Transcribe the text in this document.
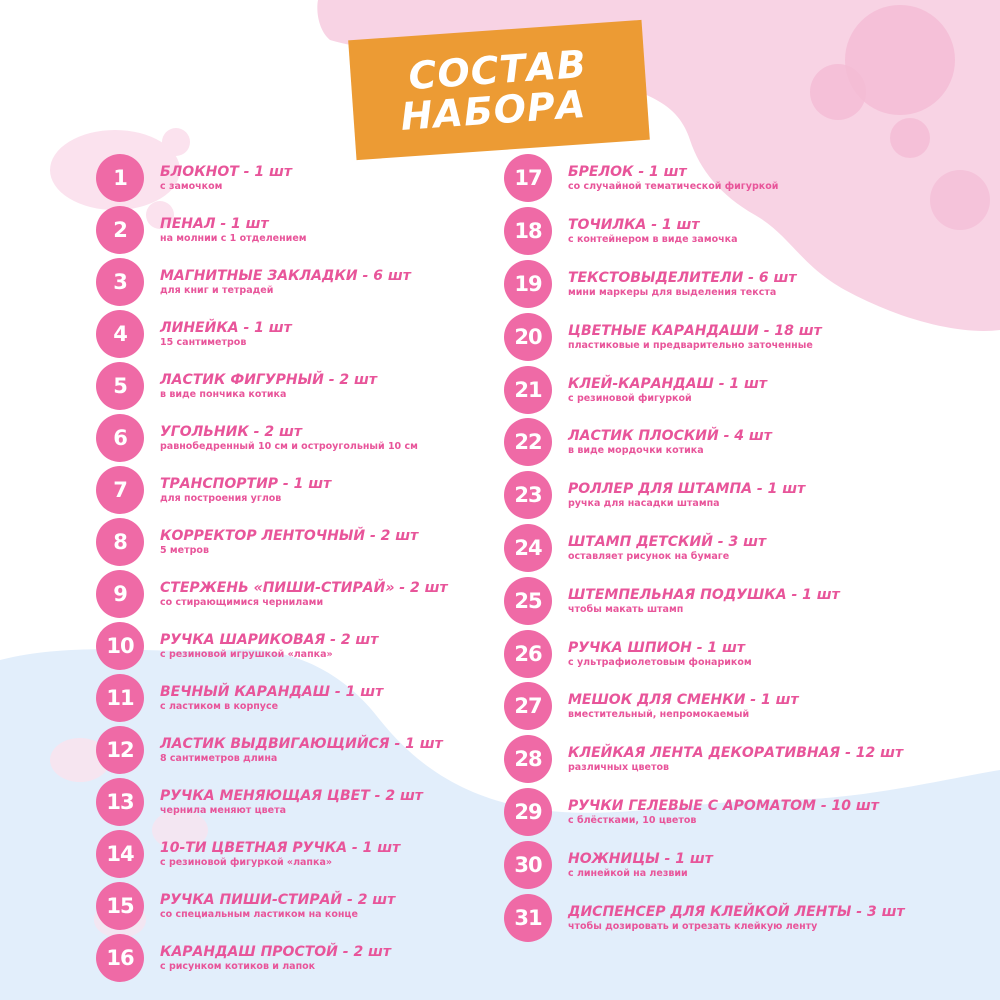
СОСТАВ
НАБОРА
1 БЛОКНОТ - 1 шт
с замочком
2 ПЕНАЛ - 1 шт
на молнии с 1 отделением
3 МАГНИТНЫЕ ЗАКЛАДКИ - 6 шт
для книг и тетрадей
4 ЛИНЕЙКА - 1 шт
15 сантиметров
5 ЛАСТИК ФИГУРНЫЙ - 2 шт
в виде пончика котика
6 УГОЛЬНИК - 2 шт
равнобедренный 10 см и остроугольный 10 см
7 ТРАНСПОРТИР - 1 шт
для построения углов
8 КОРРЕКТОР ЛЕНТОЧНЫЙ - 2 шт
5 метров
9 СТЕРЖЕНЬ «ПИШИ-СТИРАЙ» - 2 шт
со стирающимися чернилами
10 РУЧКА ШАРИКОВАЯ - 2 шт
с резиновой игрушкой «лапка»
11 ВЕЧНЫЙ КАРАНДАШ - 1 шт
с ластиком в корпусе
12 ЛАСТИК ВЫДВИГАЮЩИЙСЯ - 1 шт
8 сантиметров длина
13 РУЧКА МЕНЯЮЩАЯ ЦВЕТ - 2 шт
чернила меняют цвета
14 10-ТИ ЦВЕТНАЯ РУЧКА - 1 шт
с резиновой фигуркой «лапка»
15 РУЧКА ПИШИ-СТИРАЙ - 2 шт
со специальным ластиком на конце
16 КАРАНДАШ ПРОСТОЙ - 2 шт
с рисунком котиков и лапок
17 БРЕЛОК - 1 шт
со случайной тематической фигуркой
18 ТОЧИЛКА - 1 шт
с контейнером в виде замочка
19 ТЕКСТОВЫДЕЛИТЕЛИ - 6 шт
мини маркеры для выделения текста
20 ЦВЕТНЫЕ КАРАНДАШИ - 18 шт
пластиковые и предварительно заточенные
21 КЛЕЙ-КАРАНДАШ - 1 шт
с резиновой фигуркой
22 ЛАСТИК ПЛОСКИЙ - 4 шт
в виде мордочки котика
23 РОЛЛЕР ДЛЯ ШТАМПА - 1 шт
ручка для насадки штампа
24 ШТАМП ДЕТСКИЙ - 3 шт
оставляет рисунок на бумаге
25 ШТЕМПЕЛЬНАЯ ПОДУШКА - 1 шт
чтобы макать штамп
26 РУЧКА ШПИОН - 1 шт
с ультрафиолетовым фонариком
27 МЕШОК ДЛЯ СМЕНКИ - 1 шт
вместительный, непромокаемый
28 КЛЕЙКАЯ ЛЕНТА ДЕКОРАТИВНАЯ - 12 шт
различных цветов
29 РУЧКИ ГЕЛЕВЫЕ С АРОМАТОМ - 10 шт
с блёстками, 10 цветов
30 НОЖНИЦЫ - 1 шт
с линейкой на лезвии
31 ДИСПЕНСЕР ДЛЯ КЛЕЙКОЙ ЛЕНТЫ - 3 шт
чтобы дозировать и отрезать клейкую ленту
